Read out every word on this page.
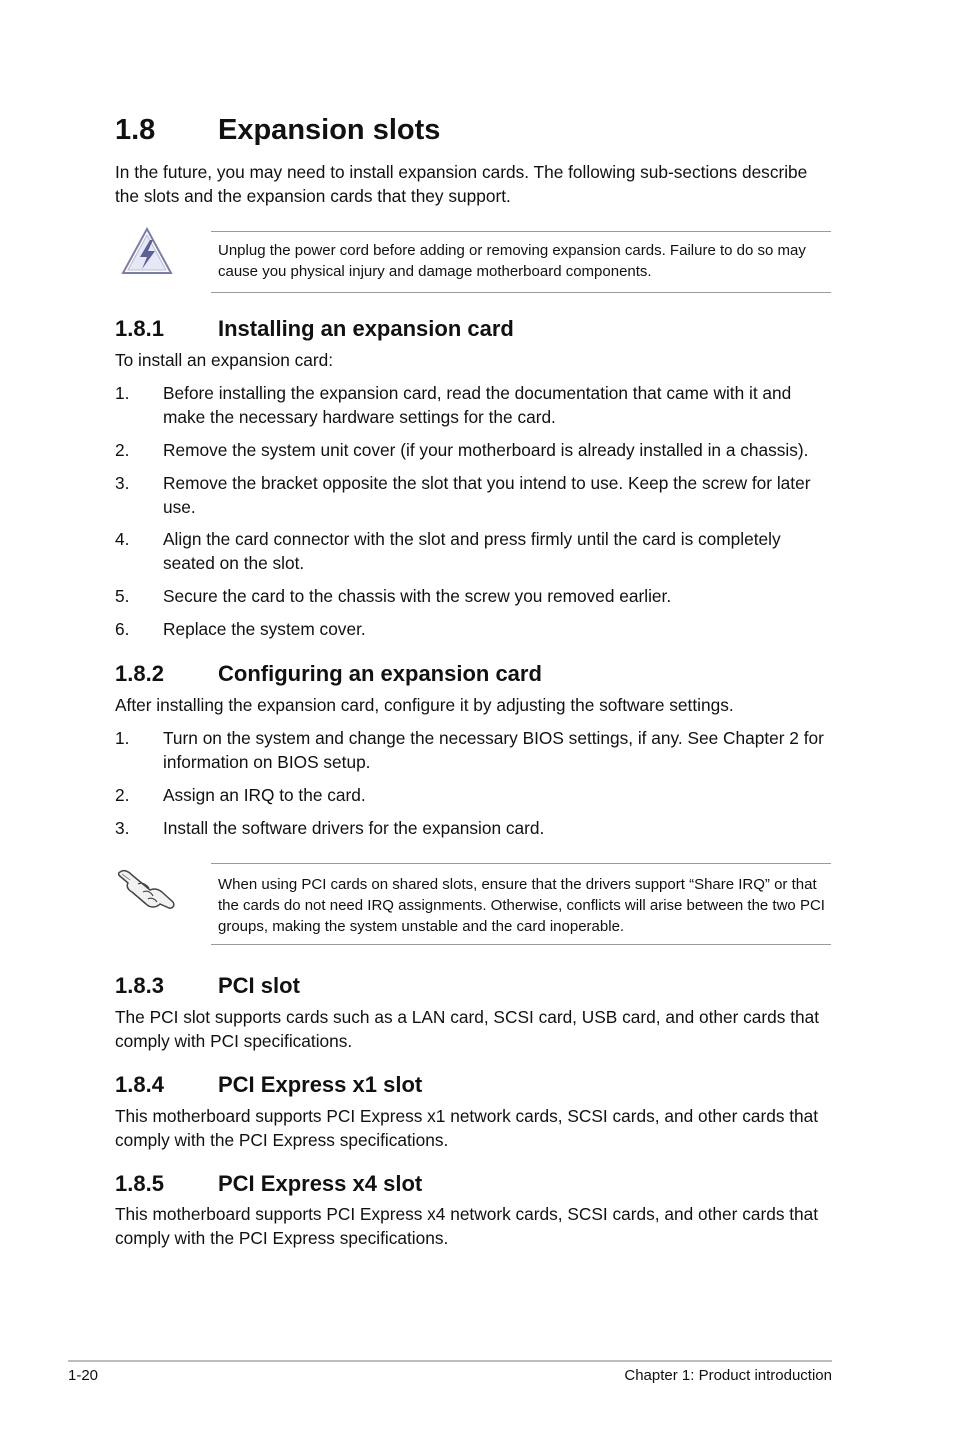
1.8 Expansion slots
In the future, you may need to install expansion cards. The following sub-sections describe the slots and the expansion cards that they support.
Unplug the power cord before adding or removing expansion cards. Failure to do so may cause you physical injury and damage motherboard components.
1.8.1 Installing an expansion card
To install an expansion card:
1. Before installing the expansion card, read the documentation that came with it and make the necessary hardware settings for the card.
2. Remove the system unit cover (if your motherboard is already installed in a chassis).
3. Remove the bracket opposite the slot that you intend to use. Keep the screw for later use.
4. Align the card connector with the slot and press firmly until the card is completely seated on the slot.
5. Secure the card to the chassis with the screw you removed earlier.
6. Replace the system cover.
1.8.2 Configuring an expansion card
After installing the expansion card, configure it by adjusting the software settings.
1. Turn on the system and change the necessary BIOS settings, if any. See Chapter 2 for information on BIOS setup.
2. Assign an IRQ to the card.
3. Install the software drivers for the expansion card.
When using PCI cards on shared slots, ensure that the drivers support “Share IRQ” or that the cards do not need IRQ assignments. Otherwise, conflicts will arise between the two PCI groups, making the system unstable and the card inoperable.
1.8.3 PCI slot
The PCI slot supports cards such as a LAN card, SCSI card, USB card, and other cards that comply with PCI specifications.
1.8.4 PCI Express x1 slot
This motherboard supports PCI Express x1 network cards, SCSI cards, and other cards that comply with the PCI Express specifications.
1.8.5 PCI Express x4 slot
This motherboard supports PCI Express x4 network cards, SCSI cards, and other cards that comply with the PCI Express specifications.
1-20	Chapter 1: Product introduction
